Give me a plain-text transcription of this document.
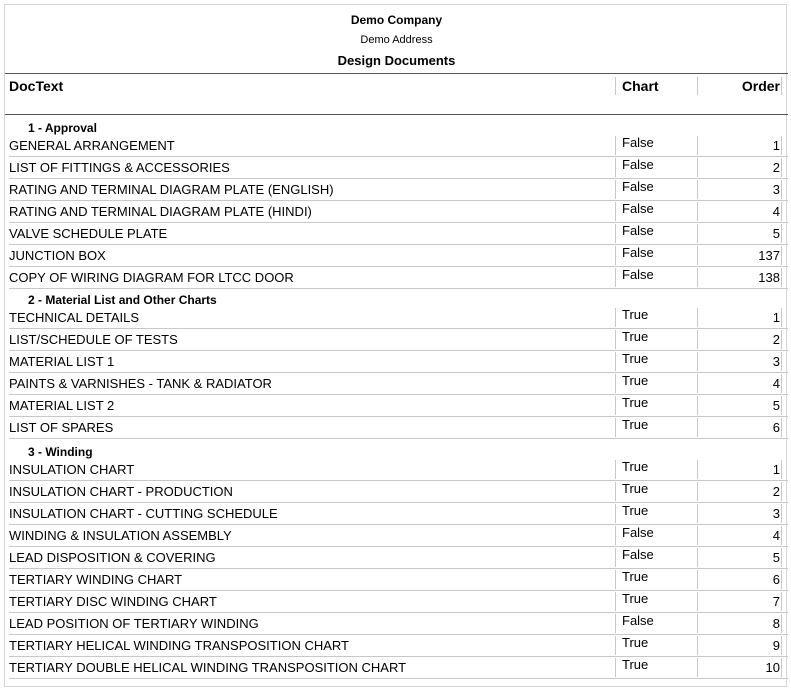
Demo Company
Demo Address
Design Documents
DocText	Chart	Order
1 - Approval
GENERAL ARRANGEMENT	False	1
LIST OF FITTINGS & ACCESSORIES	False	2
RATING AND TERMINAL DIAGRAM PLATE (ENGLISH)	False	3
RATING AND TERMINAL DIAGRAM PLATE (HINDI)	False	4
VALVE SCHEDULE PLATE	False	5
JUNCTION BOX	False	137
COPY OF WIRING DIAGRAM FOR LTCC DOOR	False	138
2 - Material List and Other Charts
TECHNICAL DETAILS	True	1
LIST/SCHEDULE OF TESTS	True	2
MATERIAL LIST 1	True	3
PAINTS & VARNISHES - TANK & RADIATOR	True	4
MATERIAL LIST 2	True	5
LIST OF SPARES	True	6
3 - Winding
INSULATION CHART	True	1
INSULATION CHART - PRODUCTION	True	2
INSULATION CHART - CUTTING SCHEDULE	True	3
WINDING & INSULATION ASSEMBLY	False	4
LEAD DISPOSITION & COVERING	False	5
TERTIARY WINDING CHART	True	6
TERTIARY DISC WINDING CHART	True	7
LEAD POSITION OF TERTIARY WINDING	False	8
TERTIARY HELICAL WINDING TRANSPOSITION CHART	True	9
TERTIARY DOUBLE HELICAL WINDING TRANSPOSITION CHART	True	10
